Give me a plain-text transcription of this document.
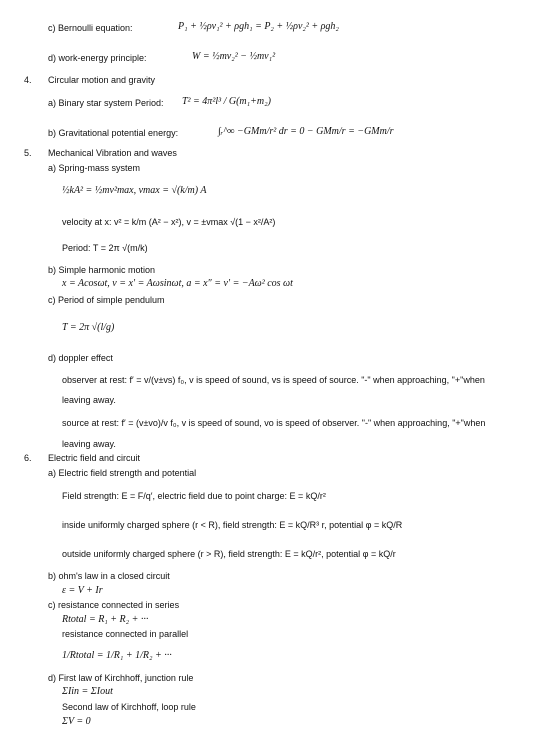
c) Bernoulli equation:	P₁ + ½ρv₁² + ρgh₁ = P₂ + ½ρv₂² + ρgh₂
d) work-energy principle:	W = ½mv₂² − ½mv₁²
4. Circular motion and gravity
a) Binary star system Period: T² = 4π²l³ / G(m₁+m₂)
b) Gravitational potential energy:	∫ᵣ^∞ −GMm/r² dr = 0 − GMm/r = −GMm/r
5. Mechanical Vibration and waves
a) Spring-mass system
½kA² = ½mv²max, vmax = √(k/m) A
velocity at x: v² = k/m (A² − x²), v = ±vmax √(1 − x²/A²)
Period: T = 2π √(m/k)
b) Simple harmonic motion
x = Acosωt, v = x′ = Aωsinωt, a = x″ = v′ = −Aω² cos ωt
c) Period of simple pendulum
T = 2π √(l/g)
d) doppler effect
observer at rest: f′ = v/(v±vs) f₀, v is speed of sound, vs is speed of source. "-" when approaching, "+"when
leaving away.
source at rest: f′ = (v±vo)/v f₀, v is speed of sound, vo is speed of observer. "-" when approaching, "+"when
leaving away.
6. Electric field and circuit
a) Electric field strength and potential
Field strength: E = F/q′, electric field due to point charge: E = kQ/r²
inside uniformly charged sphere (r < R), field strength: E = kQ/R³ r, potential φ = kQ/R
outside uniformly charged sphere (r > R), field strength: E = kQ/r², potential φ = kQ/r
b) ohm's law in a closed circuit
ε = V + Ir
c) resistance connected in series
Rtotal = R₁ + R₂ + ···
resistance connected in parallel
1/Rtotal = 1/R₁ + 1/R₂ + ···
d) First law of Kirchhoff, junction rule
ΣIin = ΣIout
Second law of Kirchhoff, loop rule
ΣV = 0
